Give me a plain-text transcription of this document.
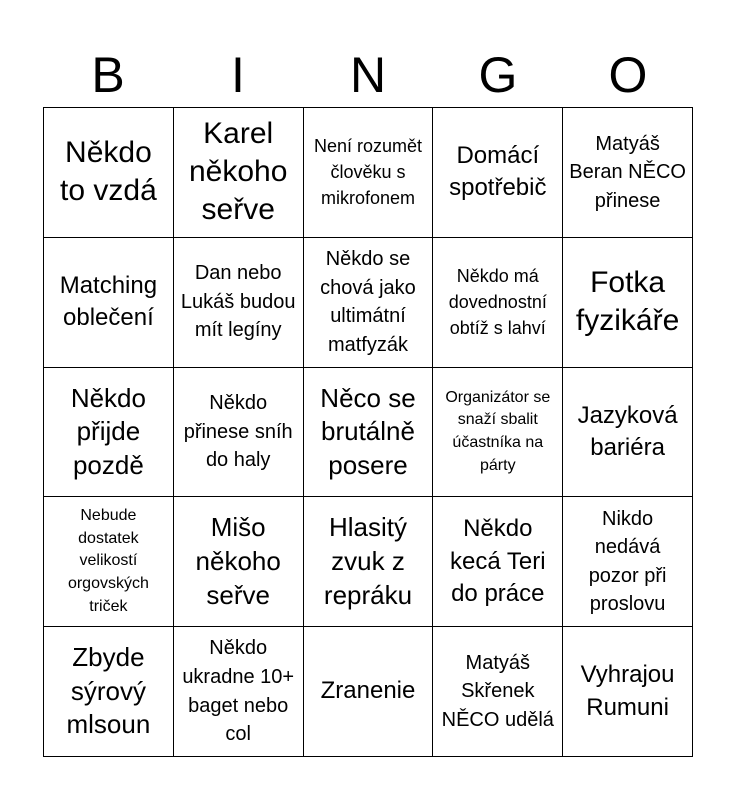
B	I	N	G	O
Někdo to vzdá
Karel někoho seřve
Není rozumět člověku s mikrofonem
Domácí spotřebič
Matyáš Beran NĚCO přinese
Matching oblečení
Dan nebo Lukáš budou mít legíny
Někdo se chová jako ultimátní matfyzák
Někdo má dovednostní obtíž s lahví
Fotka fyzikáře
Někdo přijde pozdě
Někdo přinese sníh do haly
Něco se brutálně posere
Organizátor se snaží sbalit účastníka na párty
Jazyková bariéra
Nebude dostatek velikostí orgovských triček
Mišo někoho seřve
Hlasitý zvuk z repráku
Někdo kecá Teri do práce
Nikdo nedává pozor při proslovu
Zbyde sýrový mlsoun
Někdo ukradne 10+ baget nebo col
Zranenie
Matyáš Skřenek NĚCO udělá
Vyhrajou Rumuni
